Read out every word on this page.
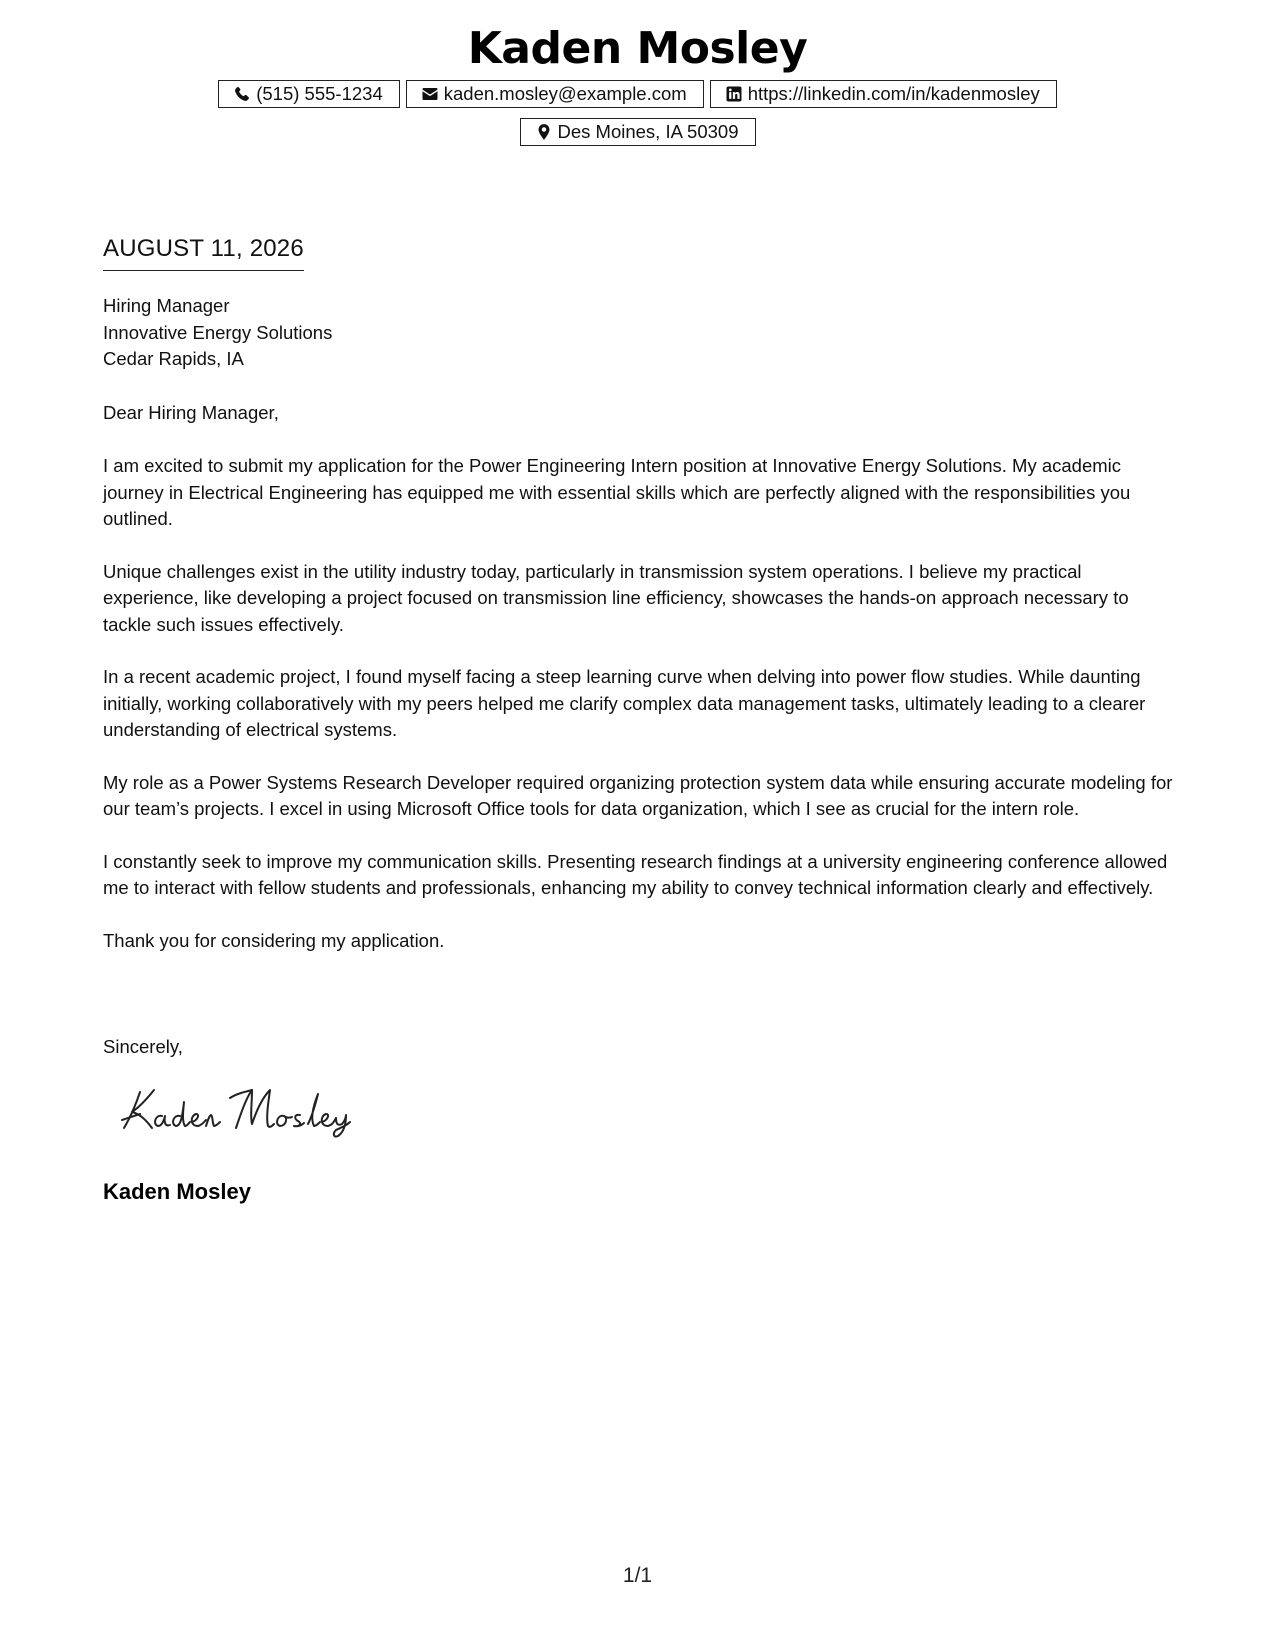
Kaden Mosley
(515) 555-1234	kaden.mosley@example.com	https://linkedin.com/in/kadenmosley
Des Moines, IA 50309
AUGUST 11, 2026
Hiring Manager
Innovative Energy Solutions
Cedar Rapids, IA
Dear Hiring Manager,

I am excited to submit my application for the Power Engineering Intern position at Innovative Energy Solutions. My academic journey in Electrical Engineering has equipped me with essential skills which are perfectly aligned with the responsibilities you outlined.

Unique challenges exist in the utility industry today, particularly in transmission system operations. I believe my practical experience, like developing a project focused on transmission line efficiency, showcases the hands-on approach necessary to tackle such issues effectively.

In a recent academic project, I found myself facing a steep learning curve when delving into power flow studies. While daunting initially, working collaboratively with my peers helped me clarify complex data management tasks, ultimately leading to a clearer understanding of electrical systems.

My role as a Power Systems Research Developer required organizing protection system data while ensuring accurate modeling for our team’s projects. I excel in using Microsoft Office tools for data organization, which I see as crucial for the intern role.

I constantly seek to improve my communication skills. Presenting research findings at a university engineering conference allowed me to interact with fellow students and professionals, enhancing my ability to convey technical information clearly and effectively.

Thank you for considering my application.

Sincerely,
Kaden Mosley
1/1
